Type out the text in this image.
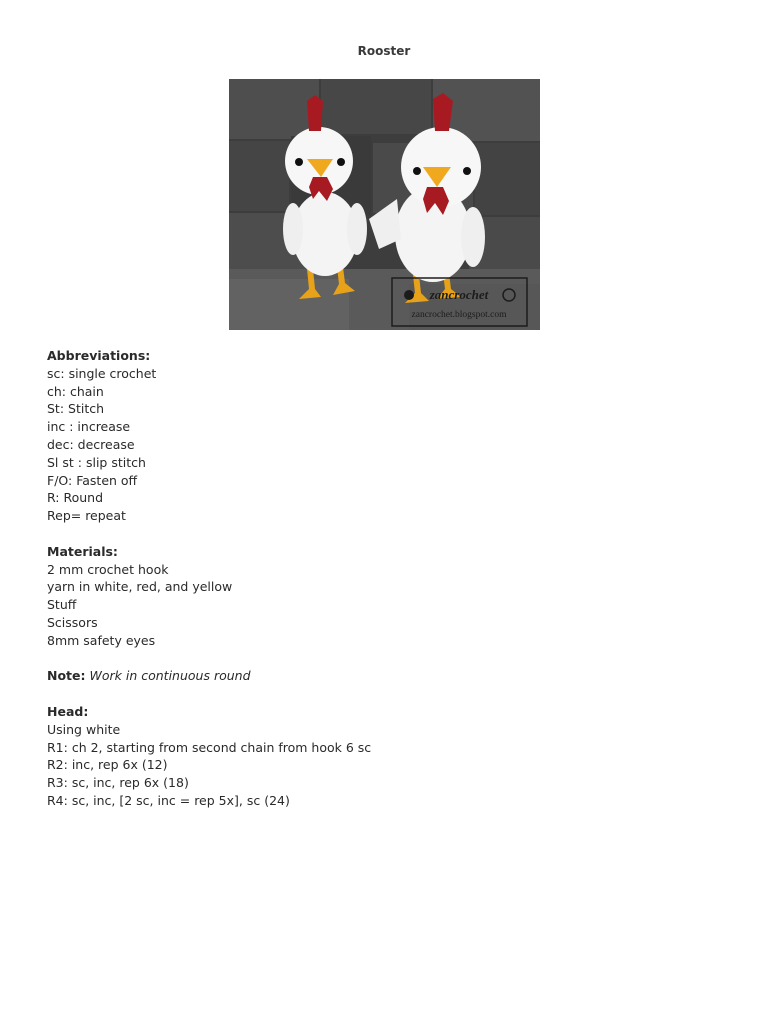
Rooster
zancrochet
zancrochet.blogspot.com
Abbreviations:
sc: single crochet
ch: chain
St: Stitch
inc : increase
dec: decrease
Sl st : slip stitch
F/O: Fasten off
R: Round
Rep= repeat
Materials:
2 mm crochet hook
yarn in white, red, and yellow
Stuff
Scissors
8mm safety eyes
Note: Work in continuous round
Head:
Using white
R1: ch 2, starting from second chain from hook 6 sc
R2: inc, rep 6x (12)
R3: sc, inc, rep 6x (18)
R4: sc, inc, [2 sc, inc = rep 5x], sc (24)
